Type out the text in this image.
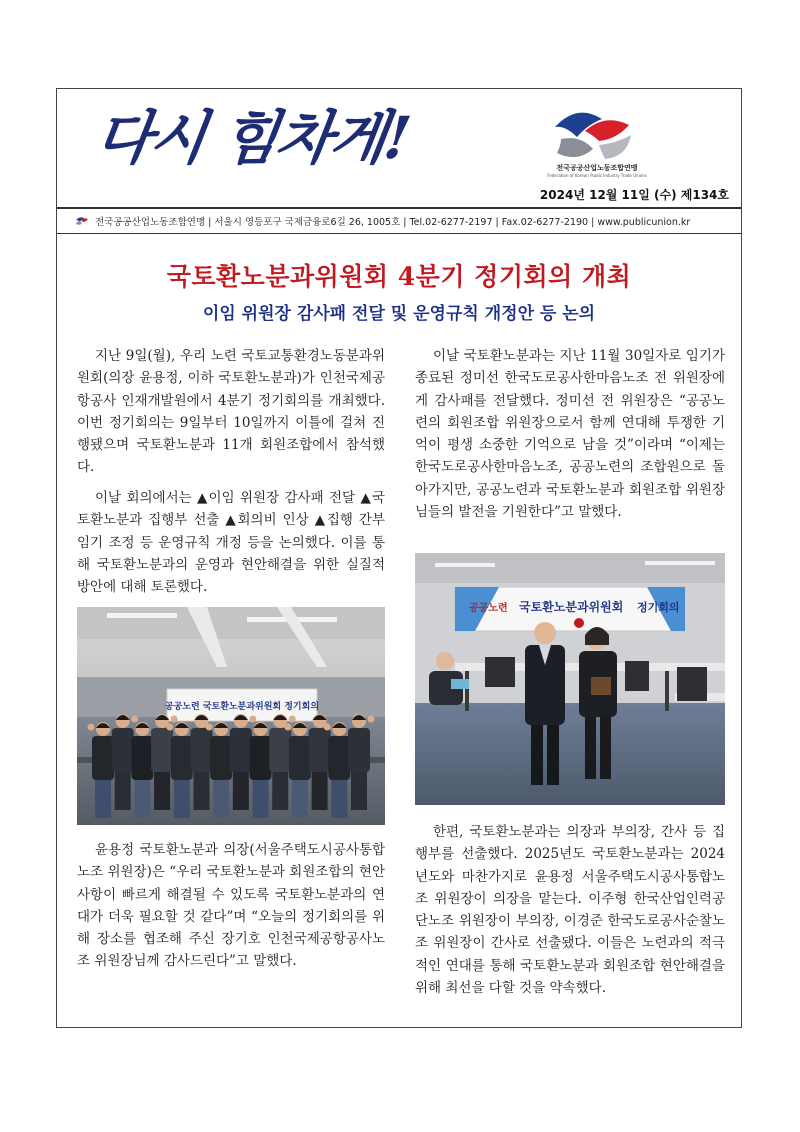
다시 힘차게!	전국공공산업노동조합연맹
Federation of Korean Public Industry Trade Unions
2024년 12월 11일 (수) 제134호
전국공공산업노동조합연맹 | 서울시 영등포구 국제금융로6길 26, 1005호 | Tel.02-6277-2197 | Fax.02-6277-2190 | www.publicunion.kr
국토환노분과위원회 4분기 정기회의 개최
이임 위원장 감사패 전달 및 운영규칙 개정안 등 논의

지난 9일(월), 우리 노련 국토교통환경노동분과위원회(의장 윤용정, 이하 국토환노분과)가 인천국제공항공사 인재개발원에서 4분기 정기회의를 개최했다. 이번 정기회의는 9일부터 10일까지 이틀에 걸쳐 진행됐으며 국토환노분과 11개 회원조합에서 참석했다.

이날 회의에서는 ▲이임 위원장 감사패 전달 ▲국토환노분과 집행부 선출 ▲회의비 인상 ▲집행 간부 임기 조정 등 운영규칙 개정 등을 논의했다. 이를 통해 국토환노분과의 운영과 현안해결을 위한 실질적 방안에 대해 토론했다.

공공노련 국토환노분과위원회 정기회의

윤용정 국토환노분과 의장(서울주택도시공사통합노조 위원장)은 “우리 국토환노분과 회원조합의 현안사항이 빠르게 해결될 수 있도록 국토환노분과의 연대가 더욱 필요할 것 같다”며 “오늘의 정기회의를 위해 장소를 협조해 주신 장기호 인천국제공항공사노조 위원장님께 감사드린다”고 말했다.

이날 국토환노분과는 지난 11월 30일자로 임기가 종료된 정미선 한국도로공사한마음노조 전 위원장에게 감사패를 전달했다. 정미선 전 위원장은 “공공노련의 회원조합 위원장으로서 함께 연대해 투쟁한 기억이 평생 소중한 기억으로 남을 것”이라며 “이제는 한국도로공사한마음노조, 공공노련의 조합원으로 돌아가지만, 공공노련과 국토환노분과 회원조합 위원장님들의 발전을 기원한다”고 말했다.

공공노련 국토환노분과위원회 정기회의

한편, 국토환노분과는 의장과 부의장, 간사 등 집행부를 선출했다. 2025년도 국토환노분과는 2024년도와 마찬가지로 윤용정 서울주택도시공사통합노조 위원장이 의장을 맡는다. 이주형 한국산업인력공단노조 위원장이 부의장, 이경준 한국도로공사순찰노조 위원장이 간사로 선출됐다. 이들은 노련과의 적극적인 연대를 통해 국토환노분과 회원조합 현안해결을 위해 최선을 다할 것을 약속했다.
